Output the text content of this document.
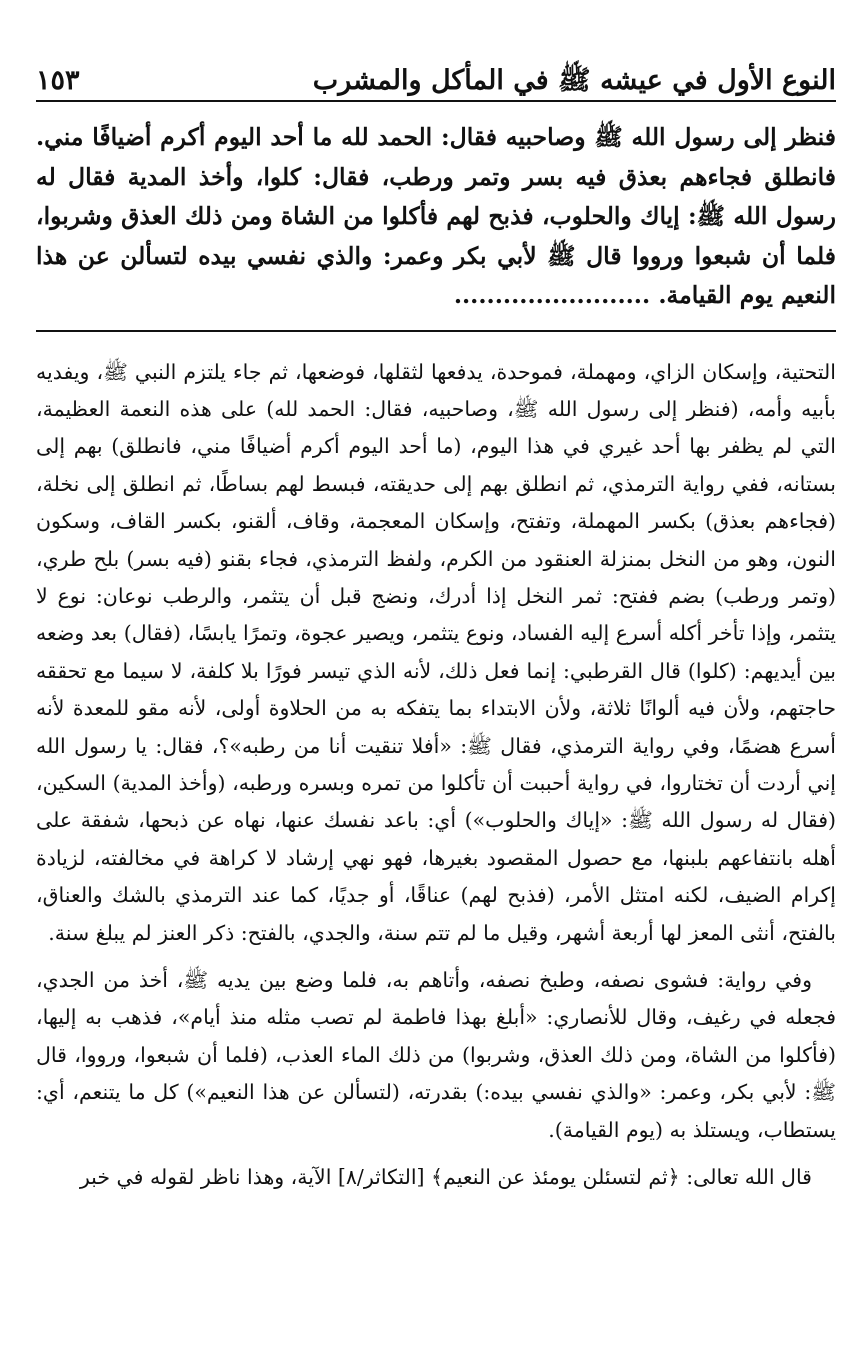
النوع الأول في عيشه ﷺ في المأكل والمشرب
١٥٣

فنظر إلى رسول الله ﷺ وصاحبيه فقال: الحمد لله ما أحد اليوم أكرم أضيافًا مني. فانطلق فجاءهم بعذق فيه بسر وتمر ورطب، فقال: كلوا، وأخذ المدية فقال له رسول الله ﷺ: إياك والحلوب، فذبح لهم فأكلوا من الشاة ومن ذلك العذق وشربوا، فلما أن شبعوا ورووا قال ﷺ لأبي بكر وعمر: والذي نفسي بيده لتسألن عن هذا النعيم يوم القيامة. ........................

التحتية، وإسكان الزاي، ومهملة، فموحدة، يدفعها لثقلها، فوضعها، ثم جاء يلتزم النبي ﷺ، ويفديه بأبيه وأمه، (فنظر إلى رسول الله ﷺ، وصاحبيه، فقال: الحمد لله) على هذه النعمة العظيمة، التي لم يظفر بها أحد غيري في هذا اليوم، (ما أحد اليوم أكرم أضيافًا مني، فانطلق) بهم إلى بستانه، ففي رواية الترمذي، ثم انطلق بهم إلى حديقته، فبسط لهم بساطًا، ثم انطلق إلى نخلة، (فجاءهم بعذق) بكسر المهملة، وتفتح، وإسكان المعجمة، وقاف، ألقنو، بكسر القاف، وسكون النون، وهو من النخل بمنزلة العنقود من الكرم، ولفظ الترمذي، فجاء بقنو (فيه بسر) بلح طري، (وتمر ورطب) بضم ففتح: ثمر النخل إذا أدرك، ونضج قبل أن يتثمر، والرطب نوعان: نوع لا يتثمر، وإذا تأخر أكله أسرع إليه الفساد، ونوع يتثمر، ويصير عجوة، وتمرًا يابسًا، (فقال) بعد وضعه بين أيديهم: (كلوا) قال القرطبي: إنما فعل ذلك، لأنه الذي تيسر فورًا بلا كلفة، لا سيما مع تحققه حاجتهم، ولأن فيه ألوانًا ثلاثة، ولأن الابتداء بما يتفكه به من الحلاوة أولى، لأنه مقو للمعدة لأنه أسرع هضمًا، وفي رواية الترمذي، فقال ﷺ: «أفلا تنقيت أنا من رطبه»؟، فقال: يا رسول الله إني أردت أن تختاروا، في رواية أحببت أن تأكلوا من تمره وبسره ورطبه، (وأخذ المدية) السكين، (فقال له رسول الله ﷺ: «إياك والحلوب») أي: باعد نفسك عنها، نهاه عن ذبحها، شفقة على أهله بانتفاعهم بلبنها، مع حصول المقصود بغيرها، فهو نهي إرشاد لا كراهة في مخالفته، لزيادة إكرام الضيف، لكنه امتثل الأمر، (فذبح لهم) عناقًا، أو جديًا، كما عند الترمذي بالشك والعناق، بالفتح، أنثى المعز لها أربعة أشهر، وقيل ما لم تتم سنة، والجدي، بالفتح: ذكر العنز لم يبلغ سنة.

وفي رواية: فشوى نصفه، وطبخ نصفه، وأتاهم به، فلما وضع بين يديه ﷺ، أخذ من الجدي، فجعله في رغيف، وقال للأنصاري: «أبلغ بهذا فاطمة لم تصب مثله منذ أيام»، فذهب به إليها، (فأكلوا من الشاة، ومن ذلك العذق، وشربوا) من ذلك الماء العذب، (فلما أن شبعوا، ورووا، قال ﷺ: لأبي بكر، وعمر: «والذي نفسي بيده:) بقدرته، (لتسألن عن هذا النعيم») كل ما يتنعم، أي: يستطاب، ويستلذ به (يوم القيامة).

قال الله تعالى: ﴿ثم لتسئلن يومئذ عن النعيم﴾ [التكاثر/٨] الآية، وهذا ناظر لقوله في خبر
